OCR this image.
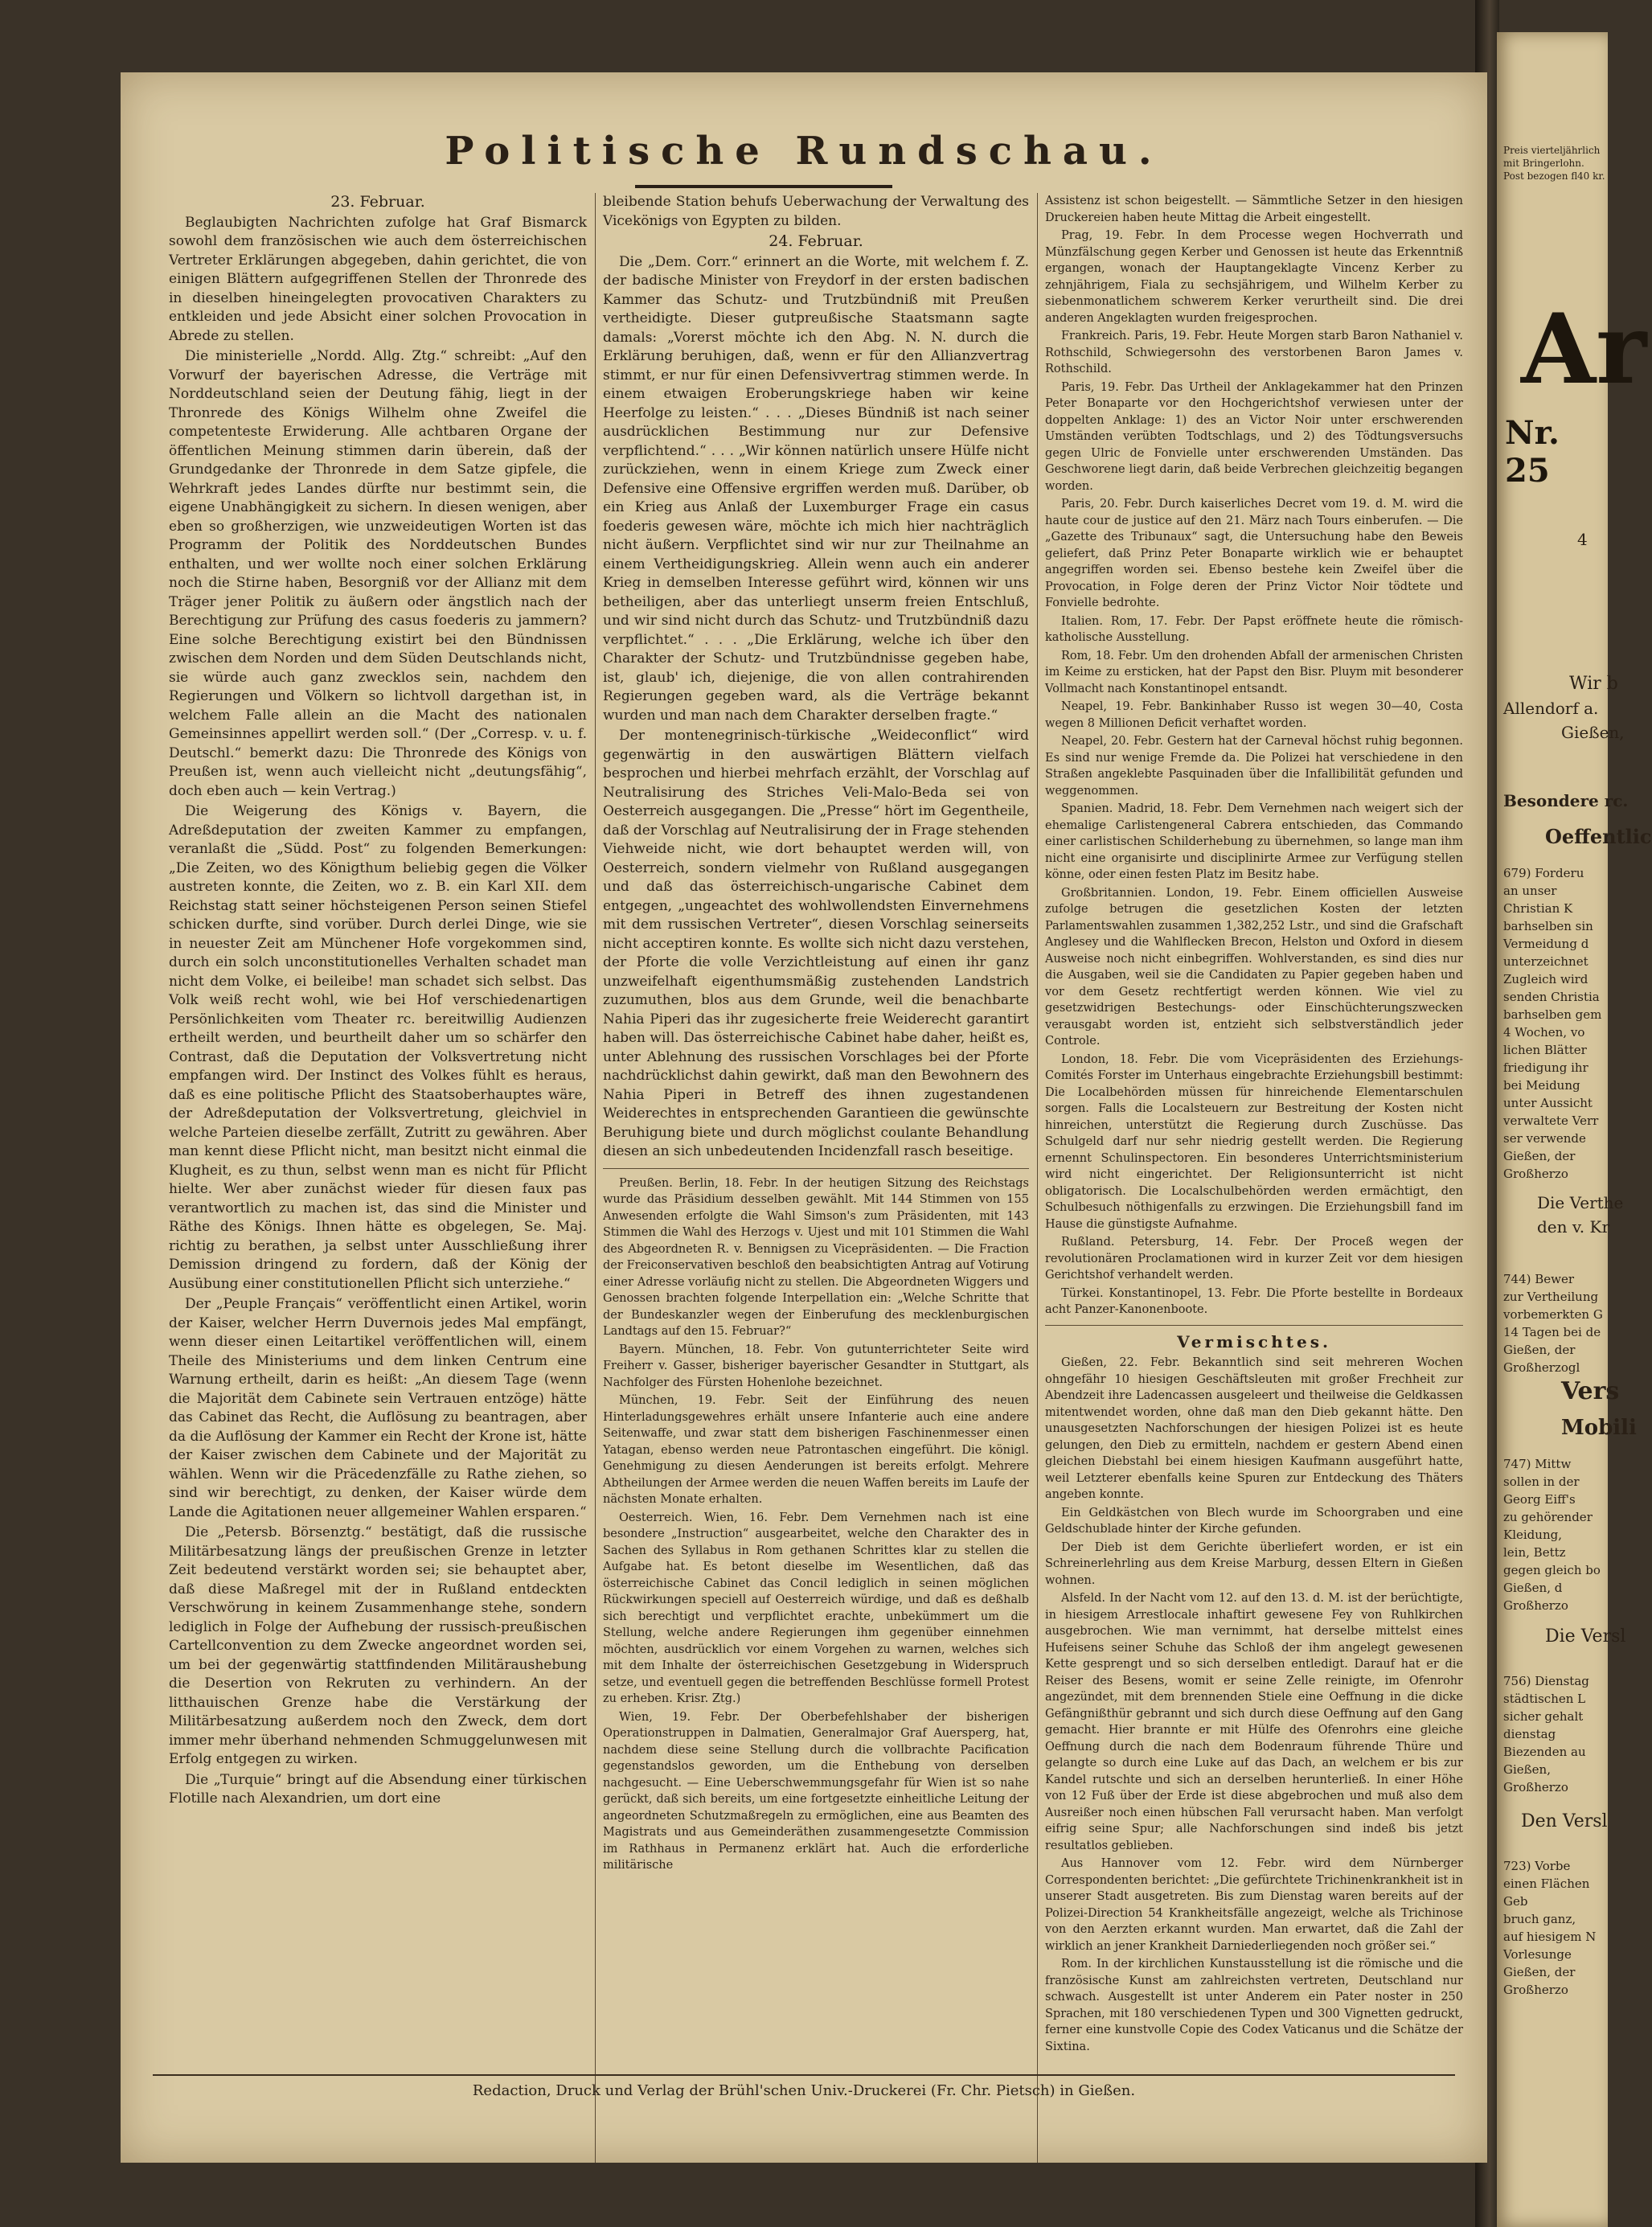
Politische Rundschau.
23. Februar.

Beglaubigten Nachrichten zufolge hat Graf Bismarck sowohl dem französischen wie auch dem österreichischen Vertreter Erklärungen abgegeben, dahin gerichtet, die von einigen Blättern aufgegriffenen Stellen der Thronrede des in dieselben hineingelegten provocativen Charakters zu entkleiden und jede Absicht einer solchen Provocation in Abrede zu stellen.

Die ministerielle „Nordd. Allg. Ztg.“ schreibt: „Auf den Vorwurf der bayerischen Adresse, die Verträge mit Norddeutschland seien der Deutung fähig, liegt in der Thronrede des Königs Wilhelm ohne Zweifel die competenteste Erwiderung. Alle achtbaren Organe der öffentlichen Meinung stimmen darin überein, daß der Grundgedanke der Thronrede in dem Satze gipfele, die Wehrkraft jedes Landes dürfte nur bestimmt sein, die eigene Unabhängigkeit zu sichern. In diesen wenigen, aber eben so großherzigen, wie unzweideutigen Worten ist das Programm der Politik des Norddeutschen Bundes enthalten, und wer wollte noch einer solchen Erklärung noch die Stirne haben, Besorgniß vor der Allianz mit dem Träger jener Politik zu äußern oder ängstlich nach der Berechtigung zur Prüfung des casus foederis zu jammern? Eine solche Berechtigung existirt bei den Bündnissen zwischen dem Norden und dem Süden Deutschlands nicht, sie würde auch ganz zwecklos sein, nachdem den Regierungen und Völkern so lichtvoll dargethan ist, in welchem Falle allein an die Macht des nationalen Gemeinsinnes appellirt werden soll.“ (Der „Corresp. v. u. f. Deutschl.“ bemerkt dazu: Die Thronrede des Königs von Preußen ist, wenn auch vielleicht nicht „deutungsfähig“, doch eben auch — kein Vertrag.)

Die Weigerung des Königs v. Bayern, die Adreßdeputation der zweiten Kammer zu empfangen, veranlaßt die „Südd. Post“ zu folgenden Bemerkungen: „Die Zeiten, wo des Königthum beliebig gegen die Völker austreten konnte, die Zeiten, wo z. B. ein Karl XII. dem Reichstag statt seiner höchsteigenen Person seinen Stiefel schicken durfte, sind vorüber. Durch derlei Dinge, wie sie in neuester Zeit am Münchener Hofe vorgekommen sind, durch ein solch unconstitutionelles Verhalten schadet man nicht dem Volke, ei beileibe! man schadet sich selbst. Das Volk weiß recht wohl, wie bei Hof verschiedenartigen Persönlichkeiten vom Theater rc. bereitwillig Audienzen ertheilt werden, und beurtheilt daher um so schärfer den Contrast, daß die Deputation der Volksvertretung nicht empfangen wird. Der Instinct des Volkes fühlt es heraus, daß es eine politische Pflicht des Staatsoberhauptes wäre, der Adreßdeputation der Volksvertretung, gleichviel in welche Parteien dieselbe zerfällt, Zutritt zu gewähren. Aber man kennt diese Pflicht nicht, man besitzt nicht einmal die Klugheit, es zu thun, selbst wenn man es nicht für Pflicht hielte. Wer aber zunächst wieder für diesen faux pas verantwortlich zu machen ist, das sind die Minister und Räthe des Königs. Ihnen hätte es obgelegen, Se. Maj. richtig zu berathen, ja selbst unter Ausschließung ihrer Demission dringend zu fordern, daß der König der Ausübung einer constitutionellen Pflicht sich unterziehe.“

Der „Peuple Français“ veröffentlicht einen Artikel, worin der Kaiser, welcher Herrn Duvernois jedes Mal empfängt, wenn dieser einen Leitartikel veröffentlichen will, einem Theile des Ministeriums und dem linken Centrum eine Warnung ertheilt, darin es heißt: „An diesem Tage (wenn die Majorität dem Cabinete sein Vertrauen entzöge) hätte das Cabinet das Recht, die Auflösung zu beantragen, aber da die Auflösung der Kammer ein Recht der Krone ist, hätte der Kaiser zwischen dem Cabinete und der Majorität zu wählen. Wenn wir die Präcedenzfälle zu Rathe ziehen, so sind wir berechtigt, zu denken, der Kaiser würde dem Lande die Agitationen neuer allgemeiner Wahlen ersparen.“

Die „Petersb. Börsenztg.“ bestätigt, daß die russische Militärbesatzung längs der preußischen Grenze in letzter Zeit bedeutend verstärkt worden sei; sie behauptet aber, daß diese Maßregel mit der in Rußland entdeckten Verschwörung in keinem Zusammenhange stehe, sondern lediglich in Folge der Aufhebung der russisch-preußischen Cartellconvention zu dem Zwecke angeordnet worden sei, um bei der gegenwärtig stattfindenden Militäraushebung die Desertion von Rekruten zu verhindern. An der litthauischen Grenze habe die Verstärkung der Militärbesatzung außerdem noch den Zweck, dem dort immer mehr überhand nehmenden Schmuggelunwesen mit Erfolg entgegen zu wirken.

Die „Turquie“ bringt auf die Absendung einer türkischen Flotille nach Alexandrien, um dort eine

bleibende Station behufs Ueberwachung der Verwaltung des Vicekönigs von Egypten zu bilden.

24. Februar.

Die „Dem. Corr.“ erinnert an die Worte, mit welchem f. Z. der badische Minister von Freydorf in der ersten badischen Kammer das Schutz- und Trutzbündniß mit Preußen vertheidigte. Dieser gutpreußische Staatsmann sagte damals: „Vorerst möchte ich den Abg. N. N. durch die Erklärung beruhigen, daß, wenn er für den Allianzvertrag stimmt, er nur für einen Defensivvertrag stimmen werde. In einem etwaigen Eroberungskriege haben wir keine Heerfolge zu leisten.“ . . . „Dieses Bündniß ist nach seiner ausdrücklichen Bestimmung nur zur Defensive verpflichtend.“ . . . „Wir können natürlich unsere Hülfe nicht zurückziehen, wenn in einem Kriege zum Zweck einer Defensive eine Offensive ergriffen werden muß. Darüber, ob ein Krieg aus Anlaß der Luxemburger Frage ein casus foederis gewesen wäre, möchte ich mich hier nachträglich nicht äußern. Verpflichtet sind wir nur zur Theilnahme an einem Vertheidigungskrieg. Allein wenn auch ein anderer Krieg in demselben Interesse geführt wird, können wir uns betheiligen, aber das unterliegt unserm freien Entschluß, und wir sind nicht durch das Schutz- und Trutzbündniß dazu verpflichtet.“ . . . „Die Erklärung, welche ich über den Charakter der Schutz- und Trutzbündnisse gegeben habe, ist, glaub' ich, diejenige, die von allen contrahirenden Regierungen gegeben ward, als die Verträge bekannt wurden und man nach dem Charakter derselben fragte.“

Der montenegrinisch-türkische „Weideconflict“ wird gegenwärtig in den auswärtigen Blättern vielfach besprochen und hierbei mehrfach erzählt, der Vorschlag auf Neutralisirung des Striches Veli-Malo-Beda sei von Oesterreich ausgegangen. Die „Presse“ hört im Gegentheile, daß der Vorschlag auf Neutralisirung der in Frage stehenden Viehweide nicht, wie dort behauptet werden will, von Oesterreich, sondern vielmehr von Rußland ausgegangen und daß das österreichisch-ungarische Cabinet dem entgegen, „ungeachtet des wohlwollendsten Einvernehmens mit dem russischen Vertreter“, diesen Vorschlag seinerseits nicht acceptiren konnte. Es wollte sich nicht dazu verstehen, der Pforte die volle Verzichtleistung auf einen ihr ganz unzweifelhaft eigenthumsmäßig zustehenden Landstrich zuzumuthen, blos aus dem Grunde, weil die benachbarte Nahia Piperi das ihr zugesicherte freie Weiderecht garantirt haben will. Das österreichische Cabinet habe daher, heißt es, unter Ablehnung des russischen Vorschlages bei der Pforte nachdrücklichst dahin gewirkt, daß man den Bewohnern des Nahia Piperi in Betreff des ihnen zugestandenen Weiderechtes in entsprechenden Garantieen die gewünschte Beruhigung biete und durch möglichst coulante Behandlung diesen an sich unbedeutenden Incidenzfall rasch beseitige.

Preußen. Berlin, 18. Febr. In der heutigen Sitzung des Reichstags wurde das Präsidium desselben gewählt. Mit 144 Stimmen von 155 Anwesenden erfolgte die Wahl Simson's zum Präsidenten, mit 143 Stimmen die Wahl des Herzogs v. Ujest und mit 101 Stimmen die Wahl des Abgeordneten R. v. Bennigsen zu Vicepräsidenten. — Die Fraction der Freiconservativen beschloß den beabsichtigten Antrag auf Votirung einer Adresse vorläufig nicht zu stellen. Die Abgeordneten Wiggers und Genossen brachten folgende Interpellation ein: „Welche Schritte that der Bundeskanzler wegen der Einberufung des mecklenburgischen Landtags auf den 15. Februar?“

Bayern. München, 18. Febr. Von gutunterrichteter Seite wird Freiherr v. Gasser, bisheriger bayerischer Gesandter in Stuttgart, als Nachfolger des Fürsten Hohenlohe bezeichnet.

München, 19. Febr. Seit der Einführung des neuen Hinterladungsgewehres erhält unsere Infanterie auch eine andere Seitenwaffe, und zwar statt dem bisherigen Faschinenmesser einen Yatagan, ebenso werden neue Patrontaschen eingeführt. Die königl. Genehmigung zu diesen Aenderungen ist bereits erfolgt. Mehrere Abtheilungen der Armee werden die neuen Waffen bereits im Laufe der nächsten Monate erhalten.

Oesterreich. Wien, 16. Febr. Dem Vernehmen nach ist eine besondere „Instruction“ ausgearbeitet, welche den Charakter des in Sachen des Syllabus in Rom gethanen Schrittes klar zu stellen die Aufgabe hat. Es betont dieselbe im Wesentlichen, daß das österreichische Cabinet das Concil lediglich in seinen möglichen Rückwirkungen speciell auf Oesterreich würdige, und daß es deßhalb sich berechtigt und verpflichtet erachte, unbekümmert um die Stellung, welche andere Regierungen ihm gegenüber einnehmen möchten, ausdrücklich vor einem Vorgehen zu warnen, welches sich mit dem Inhalte der österreichischen Gesetzgebung in Widerspruch setze, und eventuell gegen die betreffenden Beschlüsse formell Protest zu erheben. Krisr. Ztg.)

Wien, 19. Febr. Der Oberbefehlshaber der bisherigen Operationstruppen in Dalmatien, Generalmajor Graf Auersperg, hat, nachdem diese seine Stellung durch die vollbrachte Pacification gegenstandslos geworden, um die Enthebung von derselben nachgesucht. — Eine Ueberschwemmungsgefahr für Wien ist so nahe gerückt, daß sich bereits, um eine fortgesetzte einheitliche Leitung der angeordneten Schutzmaßregeln zu ermöglichen, eine aus Beamten des Magistrats und aus Gemeinderäthen zusammengesetzte Commission im Rathhaus in Permanenz erklärt hat. Auch die erforderliche militärische

Assistenz ist schon beigestellt. — Sämmtliche Setzer in den hiesigen Druckereien haben heute Mittag die Arbeit eingestellt.

Prag, 19. Febr. In dem Processe wegen Hochverrath und Münzfälschung gegen Kerber und Genossen ist heute das Erkenntniß ergangen, wonach der Hauptangeklagte Vincenz Kerber zu zehnjährigem, Fiala zu sechsjährigem, und Wilhelm Kerber zu siebenmonatlichem schwerem Kerker verurtheilt sind. Die drei anderen Angeklagten wurden freigesprochen.

Frankreich. Paris, 19. Febr. Heute Morgen starb Baron Nathaniel v. Rothschild, Schwiegersohn des verstorbenen Baron James v. Rothschild.

Paris, 19. Febr. Das Urtheil der Anklagekammer hat den Prinzen Peter Bonaparte vor den Hochgerichtshof verwiesen unter der doppelten Anklage: 1) des an Victor Noir unter erschwerenden Umständen verübten Todtschlags, und 2) des Tödtungsversuchs gegen Ulric de Fonvielle unter erschwerenden Umständen. Das Geschworene liegt darin, daß beide Verbrechen gleichzeitig begangen worden.

Paris, 20. Febr. Durch kaiserliches Decret vom 19. d. M. wird die haute cour de justice auf den 21. März nach Tours einberufen. — Die „Gazette des Tribunaux“ sagt, die Untersuchung habe den Beweis geliefert, daß Prinz Peter Bonaparte wirklich wie er behauptet angegriffen worden sei. Ebenso bestehe kein Zweifel über die Provocation, in Folge deren der Prinz Victor Noir tödtete und Fonvielle bedrohte.

Italien. Rom, 17. Febr. Der Papst eröffnete heute die römisch-katholische Ausstellung.

Rom, 18. Febr. Um den drohenden Abfall der armenischen Christen im Keime zu ersticken, hat der Papst den Bisr. Pluym mit besonderer Vollmacht nach Konstantinopel entsandt.

Neapel, 19. Febr. Bankinhaber Russo ist wegen 30—40, Costa wegen 8 Millionen Deficit verhaftet worden.

Neapel, 20. Febr. Gestern hat der Carneval höchst ruhig begonnen. Es sind nur wenige Fremde da. Die Polizei hat verschiedene in den Straßen angeklebte Pasquinaden über die Infallibilität gefunden und weggenommen.

Spanien. Madrid, 18. Febr. Dem Vernehmen nach weigert sich der ehemalige Carlistengeneral Cabrera entschieden, das Commando einer carlistischen Schilderhebung zu übernehmen, so lange man ihm nicht eine organisirte und disciplinirte Armee zur Verfügung stellen könne, oder einen festen Platz im Besitz habe.

Großbritannien. London, 19. Febr. Einem officiellen Ausweise zufolge betrugen die gesetzlichen Kosten der letzten Parlamentswahlen zusammen 1,382,252 Lstr., und sind die Grafschaft Anglesey und die Wahlflecken Brecon, Helston und Oxford in diesem Ausweise noch nicht einbegriffen. Wohlverstanden, es sind dies nur die Ausgaben, weil sie die Candidaten zu Papier gegeben haben und vor dem Gesetz rechtfertigt werden können. Wie viel zu gesetzwidrigen Bestechungs- oder Einschüchterungszwecken verausgabt worden ist, entzieht sich selbstverständlich jeder Controle.

London, 18. Febr. Die vom Vicepräsidenten des Erziehungs-Comités Forster im Unterhaus eingebrachte Erziehungsbill bestimmt: Die Localbehörden müssen für hinreichende Elementarschulen sorgen. Falls die Localsteuern zur Bestreitung der Kosten nicht hinreichen, unterstützt die Regierung durch Zuschüsse. Das Schulgeld darf nur sehr niedrig gestellt werden. Die Regierung ernennt Schulinspectoren. Ein besonderes Unterrichtsministerium wird nicht eingerichtet. Der Religionsunterricht ist nicht obligatorisch. Die Localschulbehörden werden ermächtigt, den Schulbesuch nöthigenfalls zu erzwingen. Die Erziehungsbill fand im Hause die günstigste Aufnahme.

Rußland. Petersburg, 14. Febr. Der Proceß wegen der revolutionären Proclamationen wird in kurzer Zeit vor dem hiesigen Gerichtshof verhandelt werden.

Türkei. Konstantinopel, 13. Febr. Die Pforte bestellte in Bordeaux acht Panzer-Kanonenboote.

Vermischtes.

Gießen, 22. Febr. Bekanntlich sind seit mehreren Wochen ohngefähr 10 hiesigen Geschäftsleuten mit großer Frechheit zur Abendzeit ihre Ladencassen ausgeleert und theilweise die Geldkassen mitentwendet worden, ohne daß man den Dieb gekannt hätte. Den unausgesetzten Nachforschungen der hiesigen Polizei ist es heute gelungen, den Dieb zu ermitteln, nachdem er gestern Abend einen gleichen Diebstahl bei einem hiesigen Kaufmann ausgeführt hatte, weil Letzterer ebenfalls keine Spuren zur Entdeckung des Thäters angeben konnte.

Ein Geldkästchen von Blech wurde im Schoorgraben und eine Geldschublade hinter der Kirche gefunden.

Der Dieb ist dem Gerichte überliefert worden, er ist ein Schreinerlehrling aus dem Kreise Marburg, dessen Eltern in Gießen wohnen.

Alsfeld. In der Nacht vom 12. auf den 13. d. M. ist der berüchtigte, in hiesigem Arrestlocale inhaftirt gewesene Fey von Ruhlkirchen ausgebrochen. Wie man vernimmt, hat derselbe mittelst eines Hufeisens seiner Schuhe das Schloß der ihm angelegt gewesenen Kette gesprengt und so sich derselben entledigt. Darauf hat er die Reiser des Besens, womit er seine Zelle reinigte, im Ofenrohr angezündet, mit dem brennenden Stiele eine Oeffnung in die dicke Gefängnißthür gebrannt und sich durch diese Oeffnung auf den Gang gemacht. Hier brannte er mit Hülfe des Ofenrohrs eine gleiche Oeffnung durch die nach dem Bodenraum führende Thüre und gelangte so durch eine Luke auf das Dach, an welchem er bis zur Kandel rutschte und sich an derselben herunterließ. In einer Höhe von 12 Fuß über der Erde ist diese abgebrochen und muß also dem Ausreißer noch einen hübschen Fall verursacht haben. Man verfolgt eifrig seine Spur; alle Nachforschungen sind indeß bis jetzt resultatlos geblieben.

Aus Hannover vom 12. Febr. wird dem Nürnberger Correspondenten berichtet: „Die gefürchtete Trichinenkrankheit ist in unserer Stadt ausgetreten. Bis zum Dienstag waren bereits auf der Polizei-Direction 54 Krankheitsfälle angezeigt, welche als Trichinose von den Aerzten erkannt wurden. Man erwartet, daß die Zahl der wirklich an jener Krankheit Darniederliegenden noch größer sei.“

Rom. In der kirchlichen Kunstausstellung ist die römische und die französische Kunst am zahlreichsten vertreten, Deutschland nur schwach. Ausgestellt ist unter Anderem ein Pater noster in 250 Sprachen, mit 180 verschiedenen Typen und 300 Vignetten gedruckt, ferner eine kunstvolle Copie des Codex Vaticanus und die Schätze der Sixtina.

Redaction, Druck und Verlag der Brühl'schen Univ.-Druckerei (Fr. Chr. Pietsch) in Gießen.
Preis vierteljährlich
mit Bringerlohn.
Post bezogen fl 40 kr.
Ar
Nr. 25
4
Wir b
Allendorf a.
Gießen,
Besondere rc.
Oeffentlic
679) Forderu
an unser
Christian K
barhselben sin
Vermeidung d
unterzeichnet
Zugleich wird
senden Christia
barhselben gem
4 Wochen, vo
lichen Blätter
friedigung ihr
bei Meidung
unter Aussicht
verwaltete Verr
ser verwende
Gießen, der
Großherzo
Die Verthe
den v. Kr
744) Bewer
zur Vertheilung
vorbemerkten G
14 Tagen bei de
Gießen, der
Großherzogl
Vers
Mobili
747) Mittw
sollen in der
Georg Eiff's
zu gehörender
Kleidung,
lein, Bettz
gegen gleich bo
Gießen, d
Großherzo
Die Versl
756) Dienstag
städtischen L
sicher gehalt
dienstag
Biezenden au
Gießen,
Großherzo
Den Versl
723) Vorbe
einen Flächen
Geb
bruch ganz,
auf hiesigem N
Vorlesunge
Gießen, der
Großherzo
